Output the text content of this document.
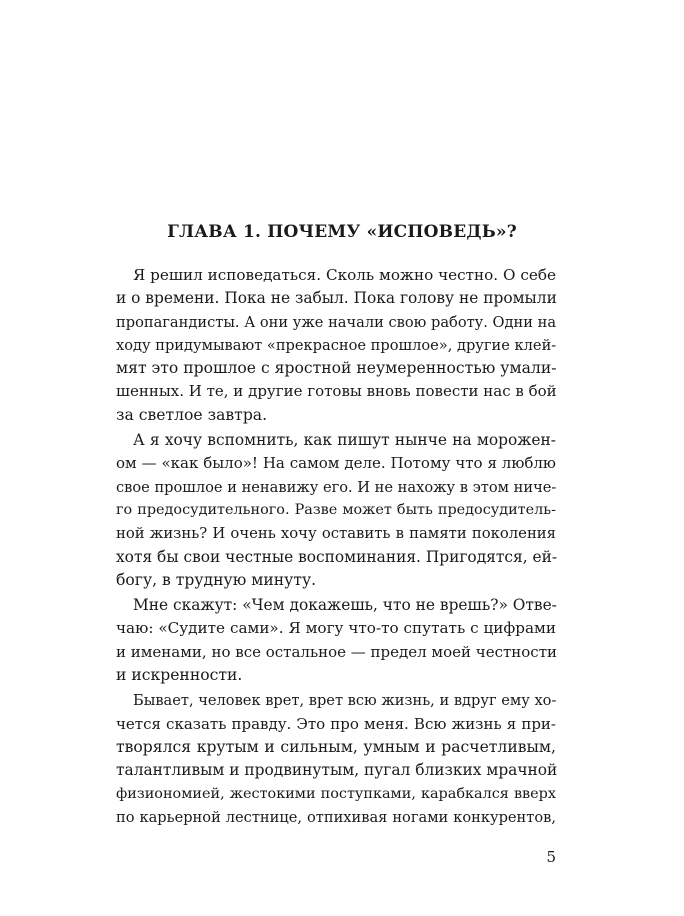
ГЛАВА 1. ПОЧЕМУ «ИСПОВЕДЬ»?
Я решил исповедаться. Сколь можно честно. О себе
и о времени. Пока не забыл. Пока голову не промыли
пропагандисты. А они уже начали свою работу. Одни на
ходу придумывают «прекрасное прошлое», другие клей-
мят это прошлое с яростной неумеренностью умали-
шенных. И те, и другие готовы вновь повести нас в бой
за светлое завтра.
А я хочу вспомнить, как пишут нынче на морожен-
ом — «как было»! На самом деле. Потому что я люблю
свое прошлое и ненавижу его. И не нахожу в этом ниче-
го предосудительного. Разве может быть предосудитель-
ной жизнь? И очень хочу оставить в памяти поколения
хотя бы свои честные воспоминания. Пригодятся, ей-
богу, в трудную минуту.
Мне скажут: «Чем докажешь, что не врешь?» Отве-
чаю: «Судите сами». Я могу что-то спутать с цифрами
и именами, но все остальное — предел моей честности
и искренности.
Бывает, человек врет, врет всю жизнь, и вдруг ему хо-
чется сказать правду. Это про меня. Всю жизнь я при-
творялся крутым и сильным, умным и расчетливым,
талантливым и продвинутым, пугал близких мрачной
физиономией, жестокими поступками, карабкался вверх
по карьерной лестнице, отпихивая ногами конкурентов,
5
